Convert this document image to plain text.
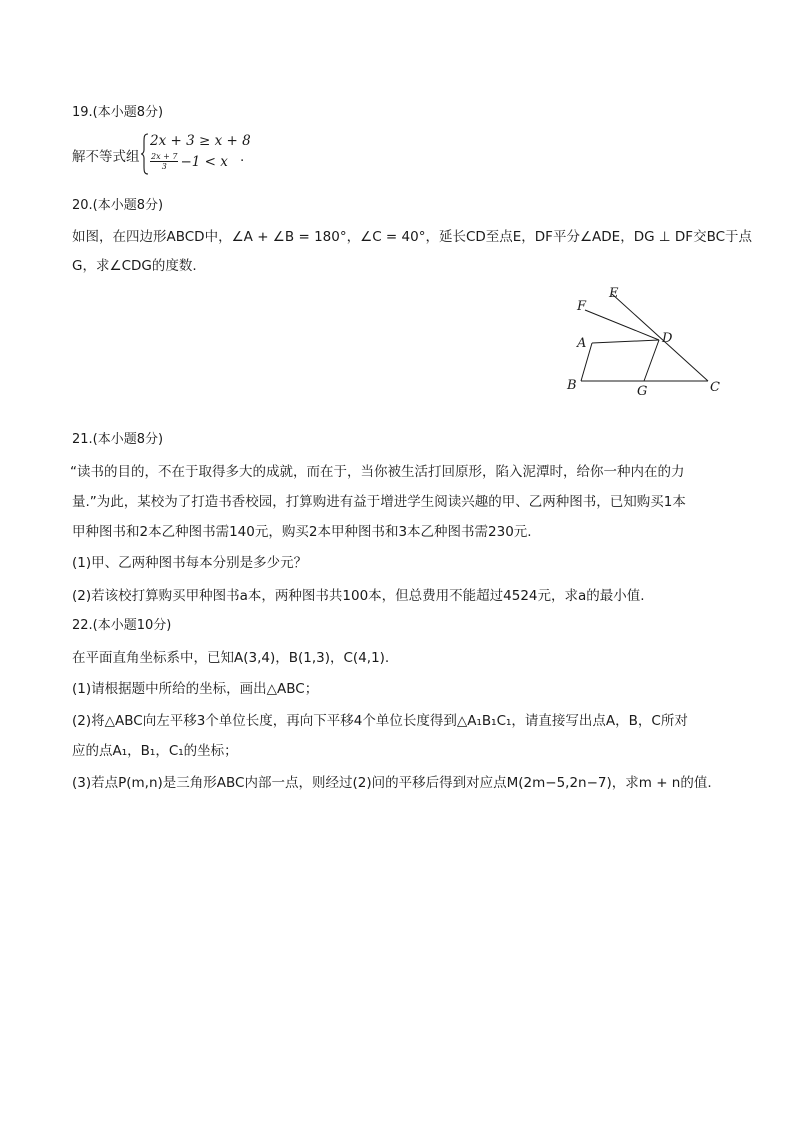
19.(本小题8分)
解不等式组
2x + 3 ≥ x + 8
$\frac{2x + 7}{3} -1 < x$ .
20.(本小题8分)
如图，在四边形ABCD中，∠A + ∠B = 180°，∠C = 40°，延长CD至点E，DF平分∠ADE，DG ⊥ DF交BC于点
G，求∠CDG的度数.
A
B	C
D
E
F
G
21.(本小题8分)
“读书的目的，不在于取得多大的成就，而在于，当你被生活打回原形，陷入泥潭时，给你一种内在的力
量.”为此，某校为了打造书香校园，打算购进有益于增进学生阅读兴趣的甲、乙两种图书，已知购买1本
甲种图书和2本乙种图书需140元，购买2本甲种图书和3本乙种图书需230元.
(1)甲、乙两种图书每本分别是多少元？
(2)若该校打算购买甲种图书a本，两种图书共100本，但总费用不能超过4524元，求a的最小值.
22.(本小题10分)
在平面直角坐标系中，已知A(3,4)，B(1,3)，C(4,1).
(1)请根据题中所给的坐标，画出△ABC；
(2)将△ABC向左平移3个单位长度，再向下平移4个单位长度得到△A₁B₁C₁，请直接写出点A，B，C所对
应的点A₁，B₁，C₁的坐标；
(3)若点P(m,n)是三角形ABC内部一点，则经过(2)问的平移后得到对应点M(2m−5,2n−7)，求m + n的值.
